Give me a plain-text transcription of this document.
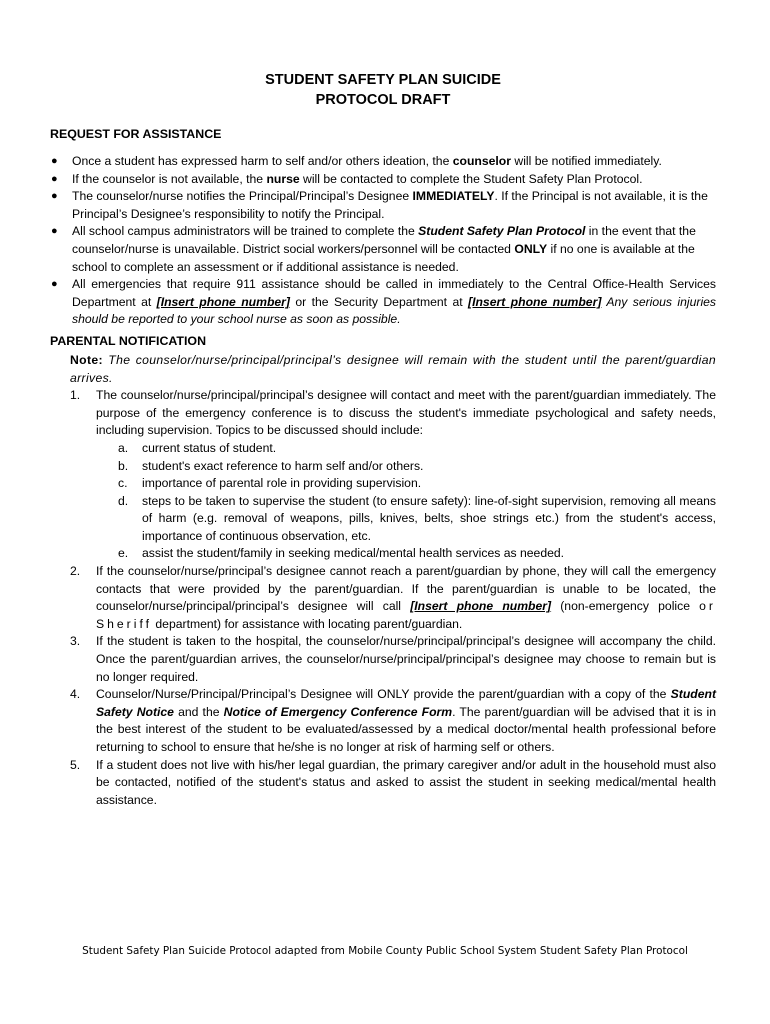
STUDENT SAFETY PLAN SUICIDE
PROTOCOL DRAFT
REQUEST FOR ASSISTANCE
● Once a student has expressed harm to self and/or others ideation, the counselor will be notified immediately.
● If the counselor is not available, the nurse will be contacted to complete the Student Safety Plan Protocol.
● The counselor/nurse notifies the Principal/Principal’s Designee IMMEDIATELY. If the Principal is not available, it is the Principal’s Designee’s responsibility to notify the Principal.
● All school campus administrators will be trained to complete the Student Safety Plan Protocol in the event that the counselor/nurse is unavailable. District social workers/personnel will be contacted ONLY if no one is available at the school to complete an assessment or if additional assistance is needed.
● All emergencies that require 911 assistance should be called in immediately to the Central Office-Health Services Department at [Insert phone number] or the Security Department at [Insert phone number] Any serious injuries should be reported to your school nurse as soon as possible.
PARENTAL NOTIFICATION
Note: The counselor/nurse/principal/principal’s designee will remain with the student until the parent/guardian arrives.
1. The counselor/nurse/principal/principal’s designee will contact and meet with the parent/guardian immediately. The purpose of the emergency conference is to discuss the student's immediate psychological and safety needs, including supervision. Topics to be discussed should include:
a. current status of student.
b. student's exact reference to harm self and/or others.
c. importance of parental role in providing supervision.
d. steps to be taken to supervise the student (to ensure safety): line-of-sight supervision, removing all means of harm (e.g. removal of weapons, pills, knives, belts, shoe strings etc.) from the student's access, importance of continuous observation, etc.
e. assist the student/family in seeking medical/mental health services as needed.
2. If the counselor/nurse/principal’s designee cannot reach a parent/guardian by phone, they will call the emergency contacts that were provided by the parent/guardian. If the parent/guardian is unable to be located, the counselor/nurse/principal/principal’s designee will call [Insert phone number] (non-emergency police or Sheriff department) for assistance with locating parent/guardian.
3. If the student is taken to the hospital, the counselor/nurse/principal/principal’s designee will accompany the child. Once the parent/guardian arrives, the counselor/nurse/principal/principal’s designee may choose to remain but is no longer required.
4. Counselor/Nurse/Principal/Principal’s Designee will ONLY provide the parent/guardian with a copy of the Student Safety Notice and the Notice of Emergency Conference Form. The parent/guardian will be advised that it is in the best interest of the student to be evaluated/assessed by a medical doctor/mental health professional before returning to school to ensure that he/she is no longer at risk of harming self or others.
5. If a student does not live with his/her legal guardian, the primary caregiver and/or adult in the household must also be contacted, notified of the student's status and asked to assist the student in seeking medical/mental health assistance.
Student Safety Plan Suicide Protocol adapted from Mobile County Public School System Student Safety Plan Protocol
